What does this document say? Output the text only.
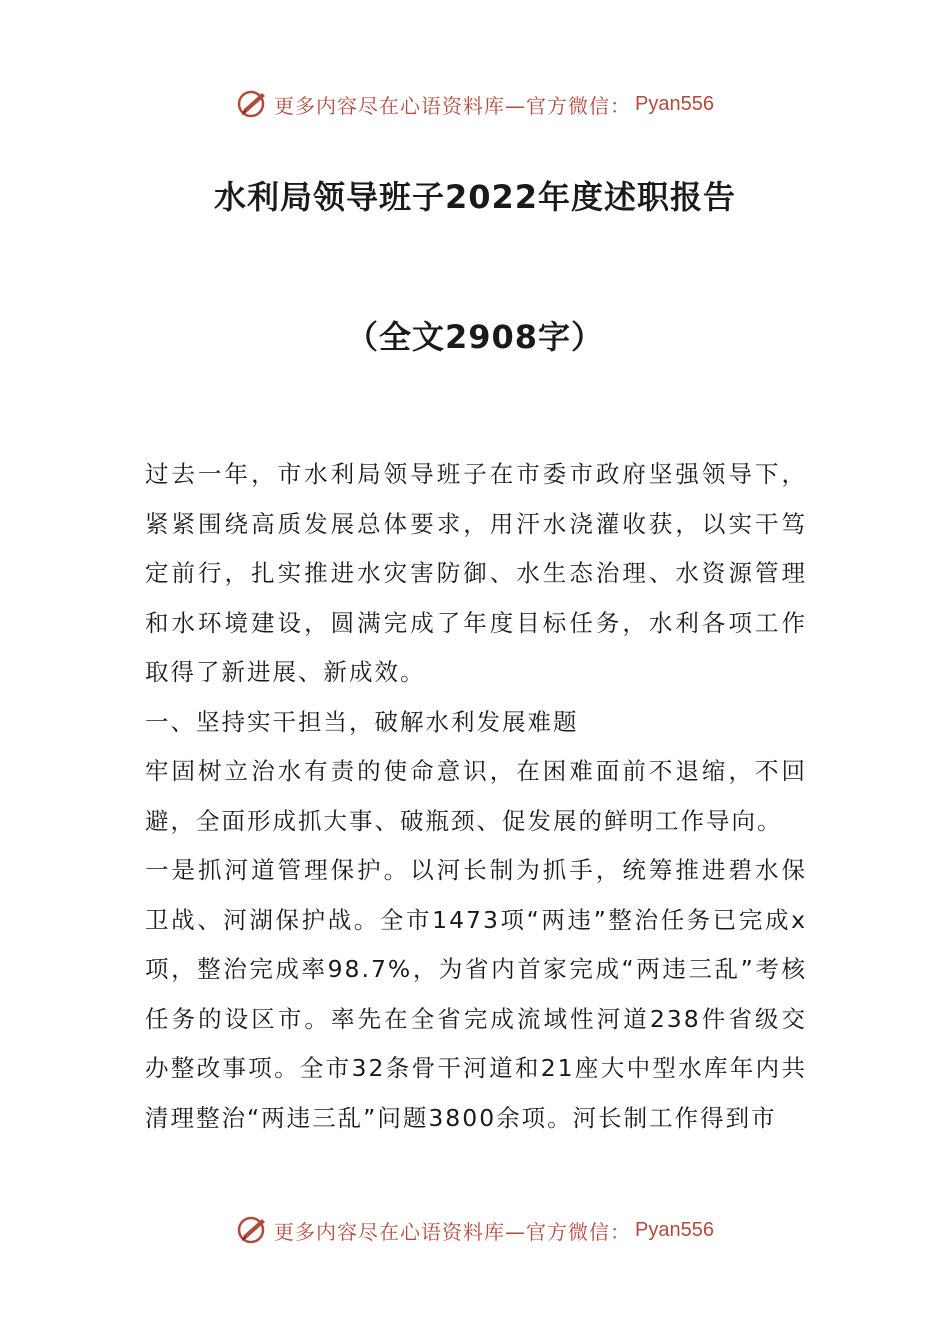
更多内容尽在心语资料库—官方微信： Pyan556
水利局领导班子2022年度述职报告
（全文2908字）

过去一年，市水利局领导班子在市委市政府坚强领导下，紧紧围绕高质发展总体要求，用汗水浇灌收获，以实干笃定前行，扎实推进水灾害防御、水生态治理、水资源管理和水环境建设，圆满完成了年度目标任务，水利各项工作取得了新进展、新成效。

一、坚持实干担当，破解水利发展难题

牢固树立治水有责的使命意识，在困难面前不退缩，不回避，全面形成抓大事、破瓶颈、促发展的鲜明工作导向。

一是抓河道管理保护。以河长制为抓手，统筹推进碧水保卫战、河湖保护战。全市1473项“两违”整治任务已完成x项，整治完成率98.7%，为省内首家完成“两违三乱”考核任务的设区市。率先在全省完成流域性河道238件省级交办整改事项。全市32条骨干河道和21座大中型水库年内共清理整治“两违三乱”问题3800余项。河长制工作得到市

更多内容尽在心语资料库—官方微信： Pyan556
